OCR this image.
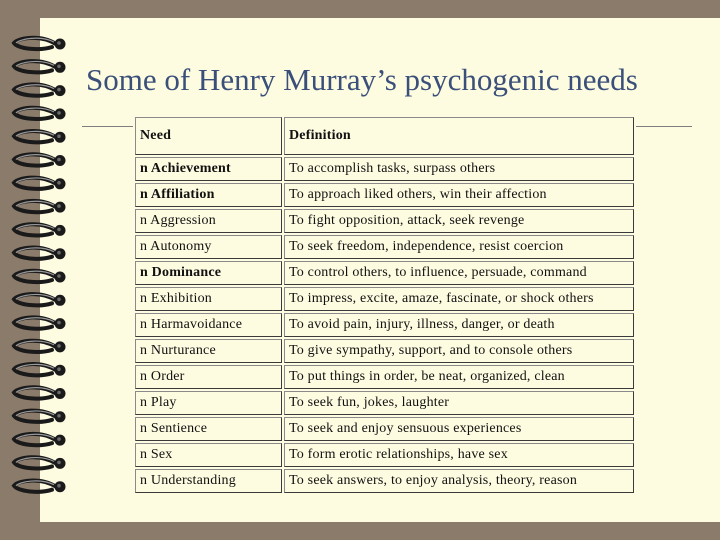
Some of Henry Murray’s psychogenic needs
Need	Definition
n Achievement	To accomplish tasks, surpass others
n Affiliation	To approach liked others, win their affection
n Aggression	To fight opposition, attack, seek revenge
n Autonomy	To seek freedom, independence, resist coercion
n Dominance	To control others, to influence, persuade, command
n Exhibition	To impress, excite, amaze, fascinate, or shock others
n Harmavoidance	To avoid pain, injury, illness, danger, or death
n Nurturance	To give sympathy, support, and to console others
n Order	To put things in order, be neat, organized, clean
n Play	To seek fun, jokes, laughter
n Sentience	To seek and enjoy sensuous experiences
n Sex	To form erotic relationships, have sex
n Understanding	To seek answers, to enjoy analysis, theory, reason
